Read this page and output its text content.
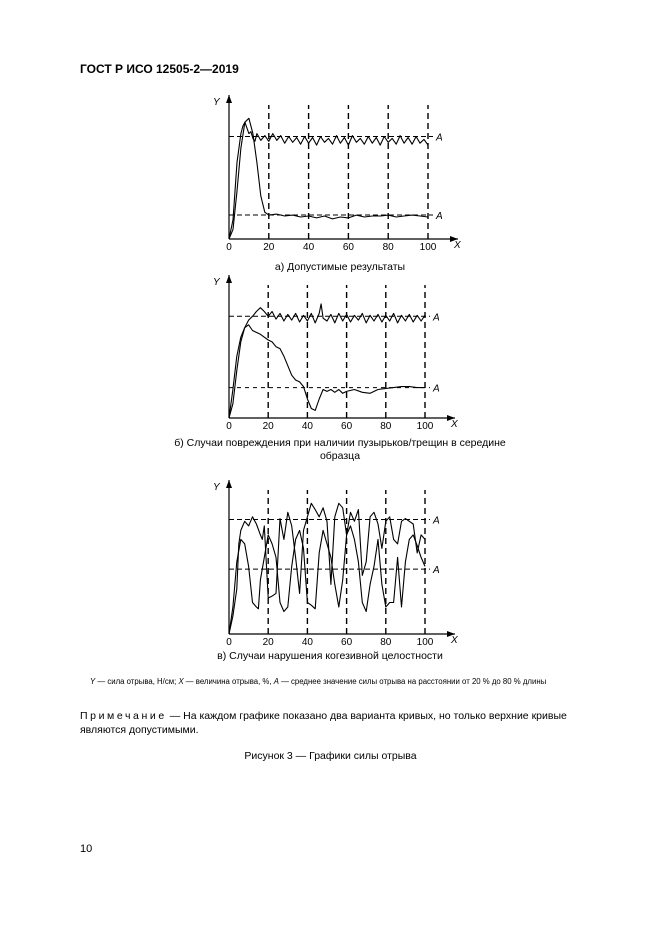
ГОСТ Р ИСО 12505-2—2019
X
Y
0	20	40	60	80	100
A
A
а) Допустимые результаты
X
Y
0	20	40	60	80	100
A
A
б) Случаи повреждения при наличии пузырьков/трещин в середине образца
X
Y
0	20	40	60	80	100
A
A
в) Случаи нарушения когезивной целостности
Y — сила отрыва, Н/см; X — величина отрыва, %, A — среднее значение силы отрыва на расстоянии от 20 % до 80 % длины
Примечание — На каждом графике показано два варианта кривых, но только верхние кривые являются допустимыми.
Рисунок 3 — Графики силы отрыва
10
